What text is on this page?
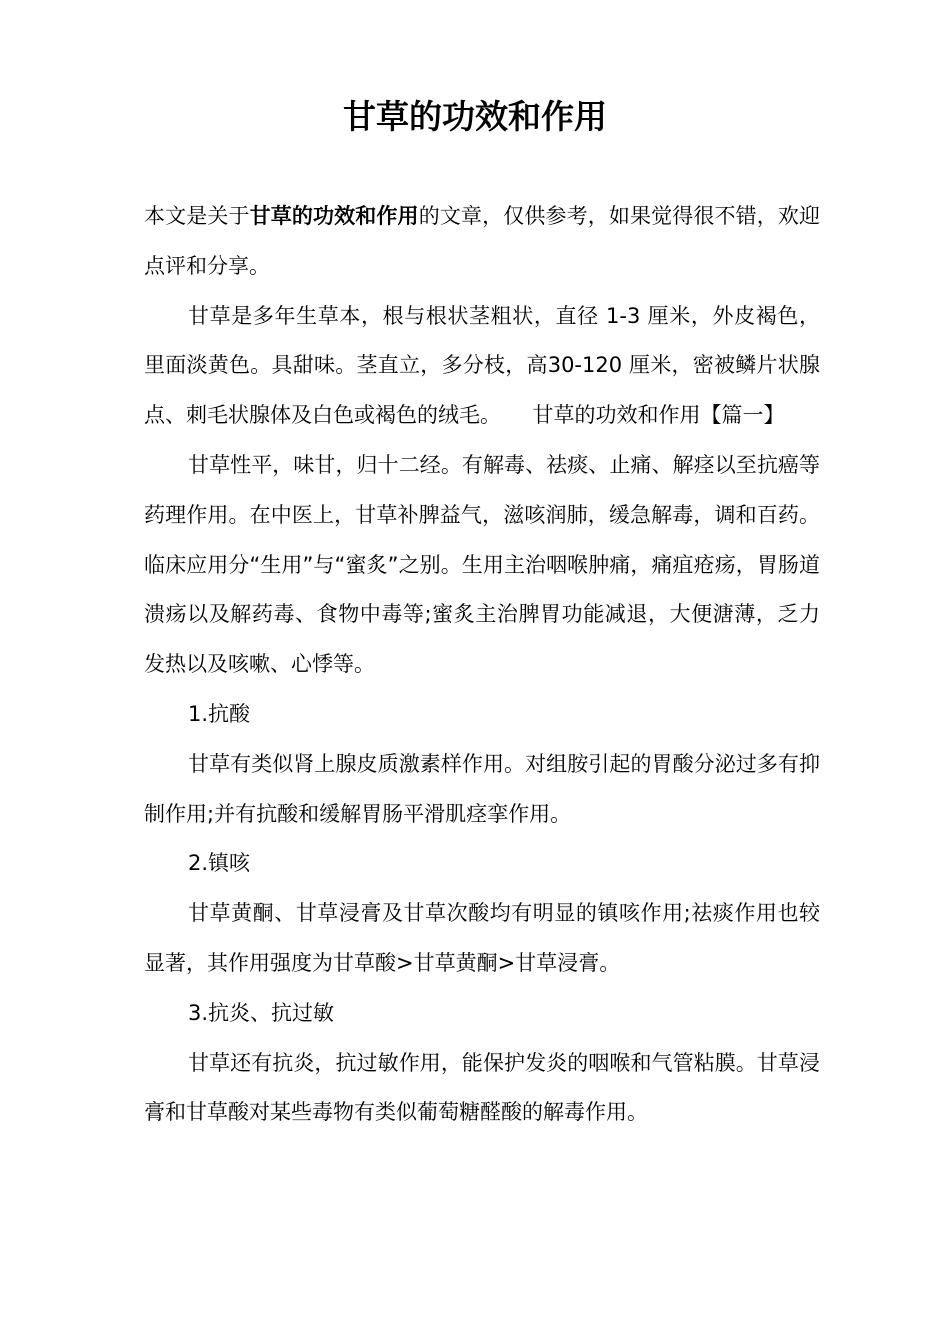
甘草的功效和作用

本文是关于甘草的功效和作用的文章，仅供参考，如果觉得很不错，欢迎点评和分享。

甘草是多年生草本，根与根状茎粗状，直径 1-3 厘米，外皮褐色，里面淡黄色。具甜味。茎直立，多分枝，高30-120 厘米，密被鳞片状腺点、刺毛状腺体及白色或褐色的绒毛。　　甘草的功效和作用【篇一】

甘草性平，味甘，归十二经。有解毒、祛痰、止痛、解痉以至抗癌等药理作用。在中医上，甘草补脾益气，滋咳润肺，缓急解毒，调和百药。临床应用分“生用”与“蜜炙”之别。生用主治咽喉肿痛，痛疽疮疡，胃肠道溃疡以及解药毒、食物中毒等;蜜炙主治脾胃功能减退，大便溏薄，乏力发热以及咳嗽、心悸等。

1.抗酸

甘草有类似肾上腺皮质激素样作用。对组胺引起的胃酸分泌过多有抑制作用;并有抗酸和缓解胃肠平滑肌痉挛作用。

2.镇咳

甘草黄酮、甘草浸膏及甘草次酸均有明显的镇咳作用;祛痰作用也较显著，其作用强度为甘草酸>甘草黄酮>甘草浸膏。

3.抗炎、抗过敏

甘草还有抗炎，抗过敏作用，能保护发炎的咽喉和气管粘膜。甘草浸膏和甘草酸对某些毒物有类似葡萄糖醛酸的解毒作用。
